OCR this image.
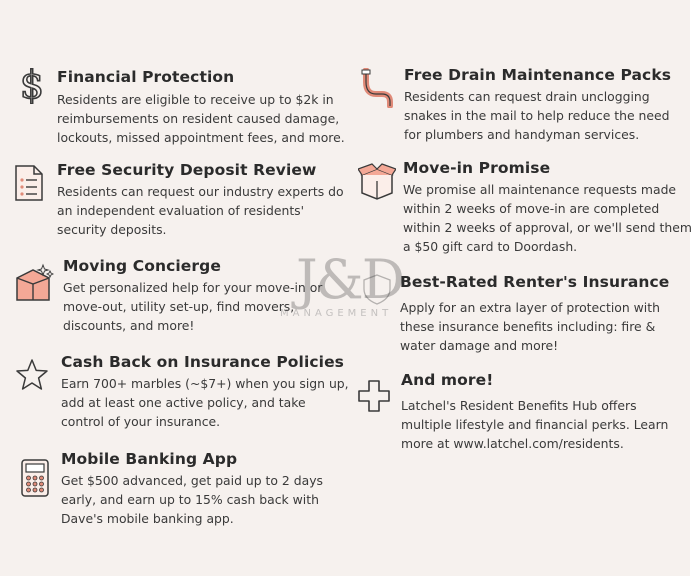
$ Financial Protection
Residents are eligible to receive up to $2k in
reimbursements on resident caused damage,
lockouts, missed appointment fees, and more.
Free Security Deposit Review
Residents can request our industry experts do
an independent evaluation of residents'
security deposits.
Moving Concierge
Get personalized help for your move-in or
move-out, utility set-up, find movers,
discounts, and more!
Cash Back on Insurance Policies
Earn 700+ marbles (~$7+) when you sign up,
add at least one active policy, and take
control of your insurance.
Mobile Banking App
Get $500 advanced, get paid up to 2 days
early, and earn up to 15% cash back with
Dave's mobile banking app.
Free Drain Maintenance Packs
Residents can request drain unclogging
snakes in the mail to help reduce the need
for plumbers and handyman services.
Move-in Promise
We promise all maintenance requests made
within 2 weeks of move-in are completed
within 2 weeks of approval, or we'll send them
a $50 gift card to Doordash.
Best-Rated Renter's Insurance
Apply for an extra layer of protection with
these insurance benefits including: fire &
water damage and more!
And more!
Latchel's Resident Benefits Hub offers
multiple lifestyle and financial perks. Learn
more at www.latchel.com/residents.
J&D
MANAGEMENT
